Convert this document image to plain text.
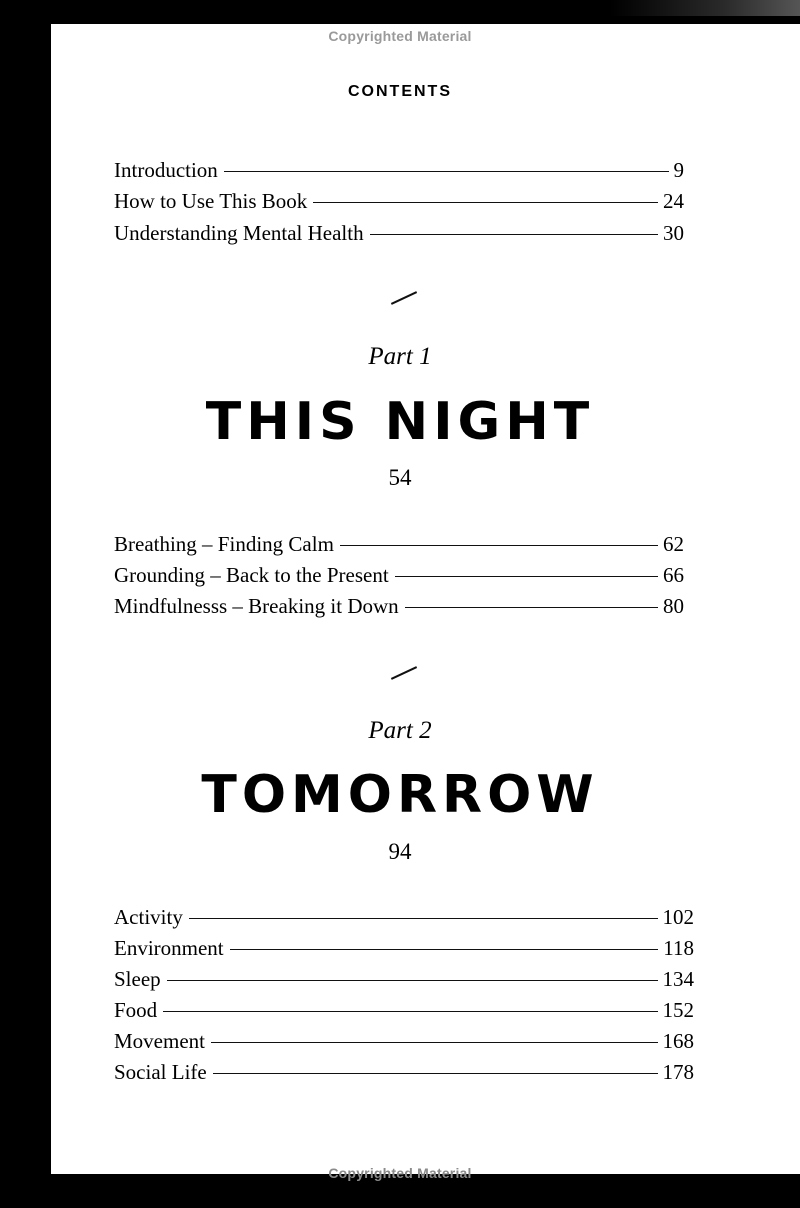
Copyrighted Material
CONTENTS
Introduction	9
How to Use This Book	24
Understanding Mental Health	30
Part 1
THIS NIGHT
54
Breathing – Finding Calm	62
Grounding – Back to the Present	66
Mindfulnesss – Breaking it Down	80
Part 2
TOMORROW
94
Activity	102
Environment	118
Sleep	134
Food	152
Movement	168
Social Life	178
Copyrighted Material
